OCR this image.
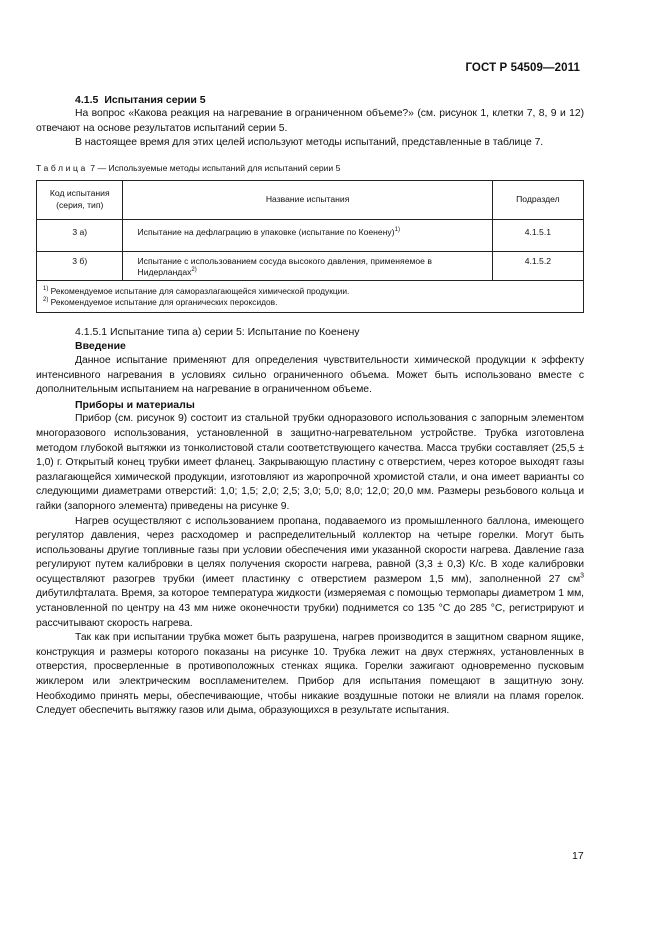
ГОСТ Р 54509—2011

4.1.5 Испытания серии 5

На вопрос «Какова реакция на нагревание в ограниченном объеме?» (см. рисунок 1, клетки 7, 8, 9 и 12) отвечают на основе результатов испытаний серии 5.

В настоящее время для этих целей используют методы испытаний, представленные в таблице 7.

Таблица 7 — Используемые методы испытаний для испытаний серии 5
Код испытания (серия, тип)	Название испытания	Подраздел
3 а)	Испытание на дефлаграцию в упаковке (испытание по Коенену)$^{1)}$	4.1.5.1
3 б)	Испытание с использованием сосуда высокого давления, применяемое в Нидерландах$^{2)}$	4.1.5.2

$^{1)}$ Рекомендуемое испытание для саморазлагающейся химической продукции.
$^{2)}$ Рекомендуемое испытание для органических пероксидов.		

4.1.5.1 Испытание типа а) серии 5: Испытание по Коенену

Введение

Данное испытание применяют для определения чувствительности химической продукции к эффекту интенсивного нагревания в условиях сильно ограниченного объема. Может быть использовано вместе с дополнительным испытанием на нагревание в ограниченном объеме.

Приборы и материалы

Прибор (см. рисунок 9) состоит из стальной трубки одноразового использования с запорным элементом многоразового использования, установленной в защитно-нагревательном устройстве. Трубка изготовлена методом глубокой вытяжки из тонколистовой стали соответствующего качества. Масса трубки составляет (25,5 ± 1,0) г. Открытый конец трубки имеет фланец. Закрывающую пластину с отверстием, через которое выходят газы разлагающейся химической продукции, изготовляют из жаропрочной хромистой стали, и она имеет варианты со следующими диаметрами отверстий: 1,0; 1,5; 2,0; 2,5; 3,0; 5,0; 8,0; 12,0; 20,0 мм. Размеры резьбового кольца и гайки (запорного элемента) приведены на рисунке 9.

Нагрев осуществляют с использованием пропана, подаваемого из промышленного баллона, имеющего регулятор давления, через расходомер и распределительный коллектор на четыре горелки. Могут быть использованы другие топливные газы при условии обеспечения ими указанной скорости нагрева. Давление газа регулируют путем калибровки в целях получения скорости нагрева, равной (3,3 ± 0,3) К/с. В ходе калибровки осуществляют разогрев трубки (имеет пластинку с отверстием размером 1,5 мм), заполненной 27 $см^3$ дибутилфталата. Время, за которое температура жидкости (измеряемая с помощью термопары диаметром 1 мм, установленной по центру на 43 мм ниже оконечности трубки) поднимется со 135 °С до 285 °С, регистрируют и рассчитывают скорость нагрева.

Так как при испытании трубка может быть разрушена, нагрев производится в защитном сварном ящике, конструкция и размеры которого показаны на рисунке 10. Трубка лежит на двух стержнях, установленных в отверстия, просверленные в противоположных стенках ящика. Горелки зажигают одновременно пусковым жиклером или электрическим воспламенителем. Прибор для испытания помещают в защитную зону. Необходимо принять меры, обеспечивающие, чтобы никакие воздушные потоки не влияли на пламя горелок. Следует обеспечить вытяжку газов или дыма, образующихся в результате испытания.

17
